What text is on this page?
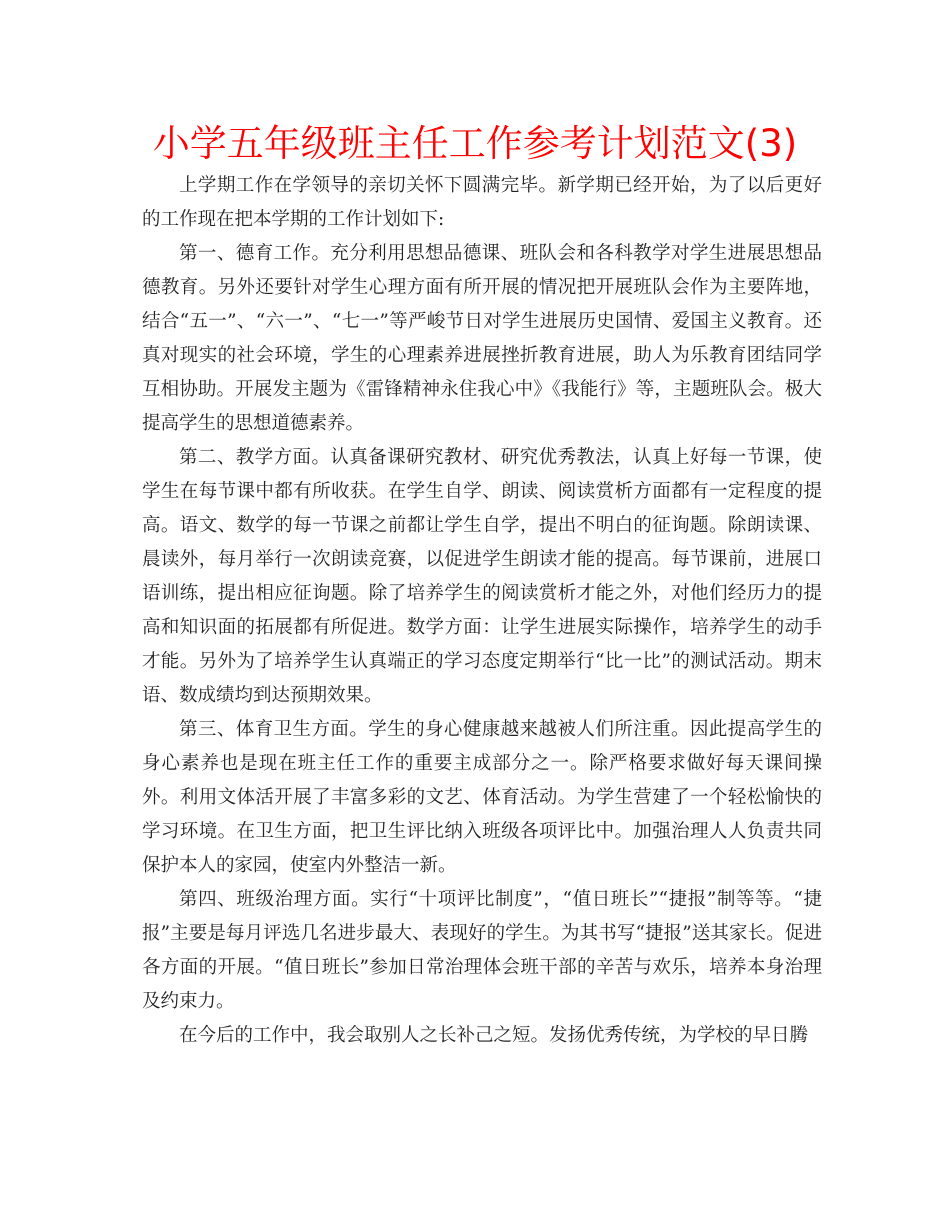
小学五年级班主任工作参考计划范文(3)

上学期工作在学领导的亲切关怀下圆满完毕。新学期已经开始，为了以后更好的工作现在把本学期的工作计划如下:

第一、德育工作。充分利用思想品德课、班队会和各科教学对学生进展思想品德教育。另外还要针对学生心理方面有所开展的情况把开展班队会作为主要阵地，结合“五一”、“六一”、“七一”等严峻节日对学生进展历史国情、爱国主义教育。还真对现实的社会环境，学生的心理素养进展挫折教育进展，助人为乐教育团结同学互相协助。开展发主题为《雷锋精神永住我心中》《我能行》等，主题班队会。极大提高学生的思想道德素养。

第二、教学方面。认真备课研究教材、研究优秀教法，认真上好每一节课，使学生在每节课中都有所收获。在学生自学、朗读、阅读赏析方面都有一定程度的提高。语文、数学的每一节课之前都让学生自学，提出不明白的征询题。除朗读课、晨读外，每月举行一次朗读竞赛，以促进学生朗读才能的提高。每节课前，进展口语训练，提出相应征询题。除了培养学生的阅读赏析才能之外，对他们经历力的提高和知识面的拓展都有所促进。数学方面：让学生进展实际操作，培养学生的动手才能。另外为了培养学生认真端正的学习态度定期举行“比一比”的测试活动。期末语、数成绩均到达预期效果。

第三、体育卫生方面。学生的身心健康越来越被人们所注重。因此提高学生的身心素养也是现在班主任工作的重要主成部分之一。除严格要求做好每天课间操外。利用文体活开展了丰富多彩的文艺、体育活动。为学生营建了一个轻松愉快的学习环境。在卫生方面，把卫生评比纳入班级各项评比中。加强治理人人负责共同保护本人的家园，使室内外整洁一新。

第四、班级治理方面。实行“十项评比制度”，“值日班长”“捷报”制等等。“捷报”主要是每月评选几名进步最大、表现好的学生。为其书写“捷报”送其家长。促进各方面的开展。“值日班长”参加日常治理体会班干部的辛苦与欢乐，培养本身治理及约束力。

在今后的工作中，我会取别人之长补己之短。发扬优秀传统，为学校的早日腾
